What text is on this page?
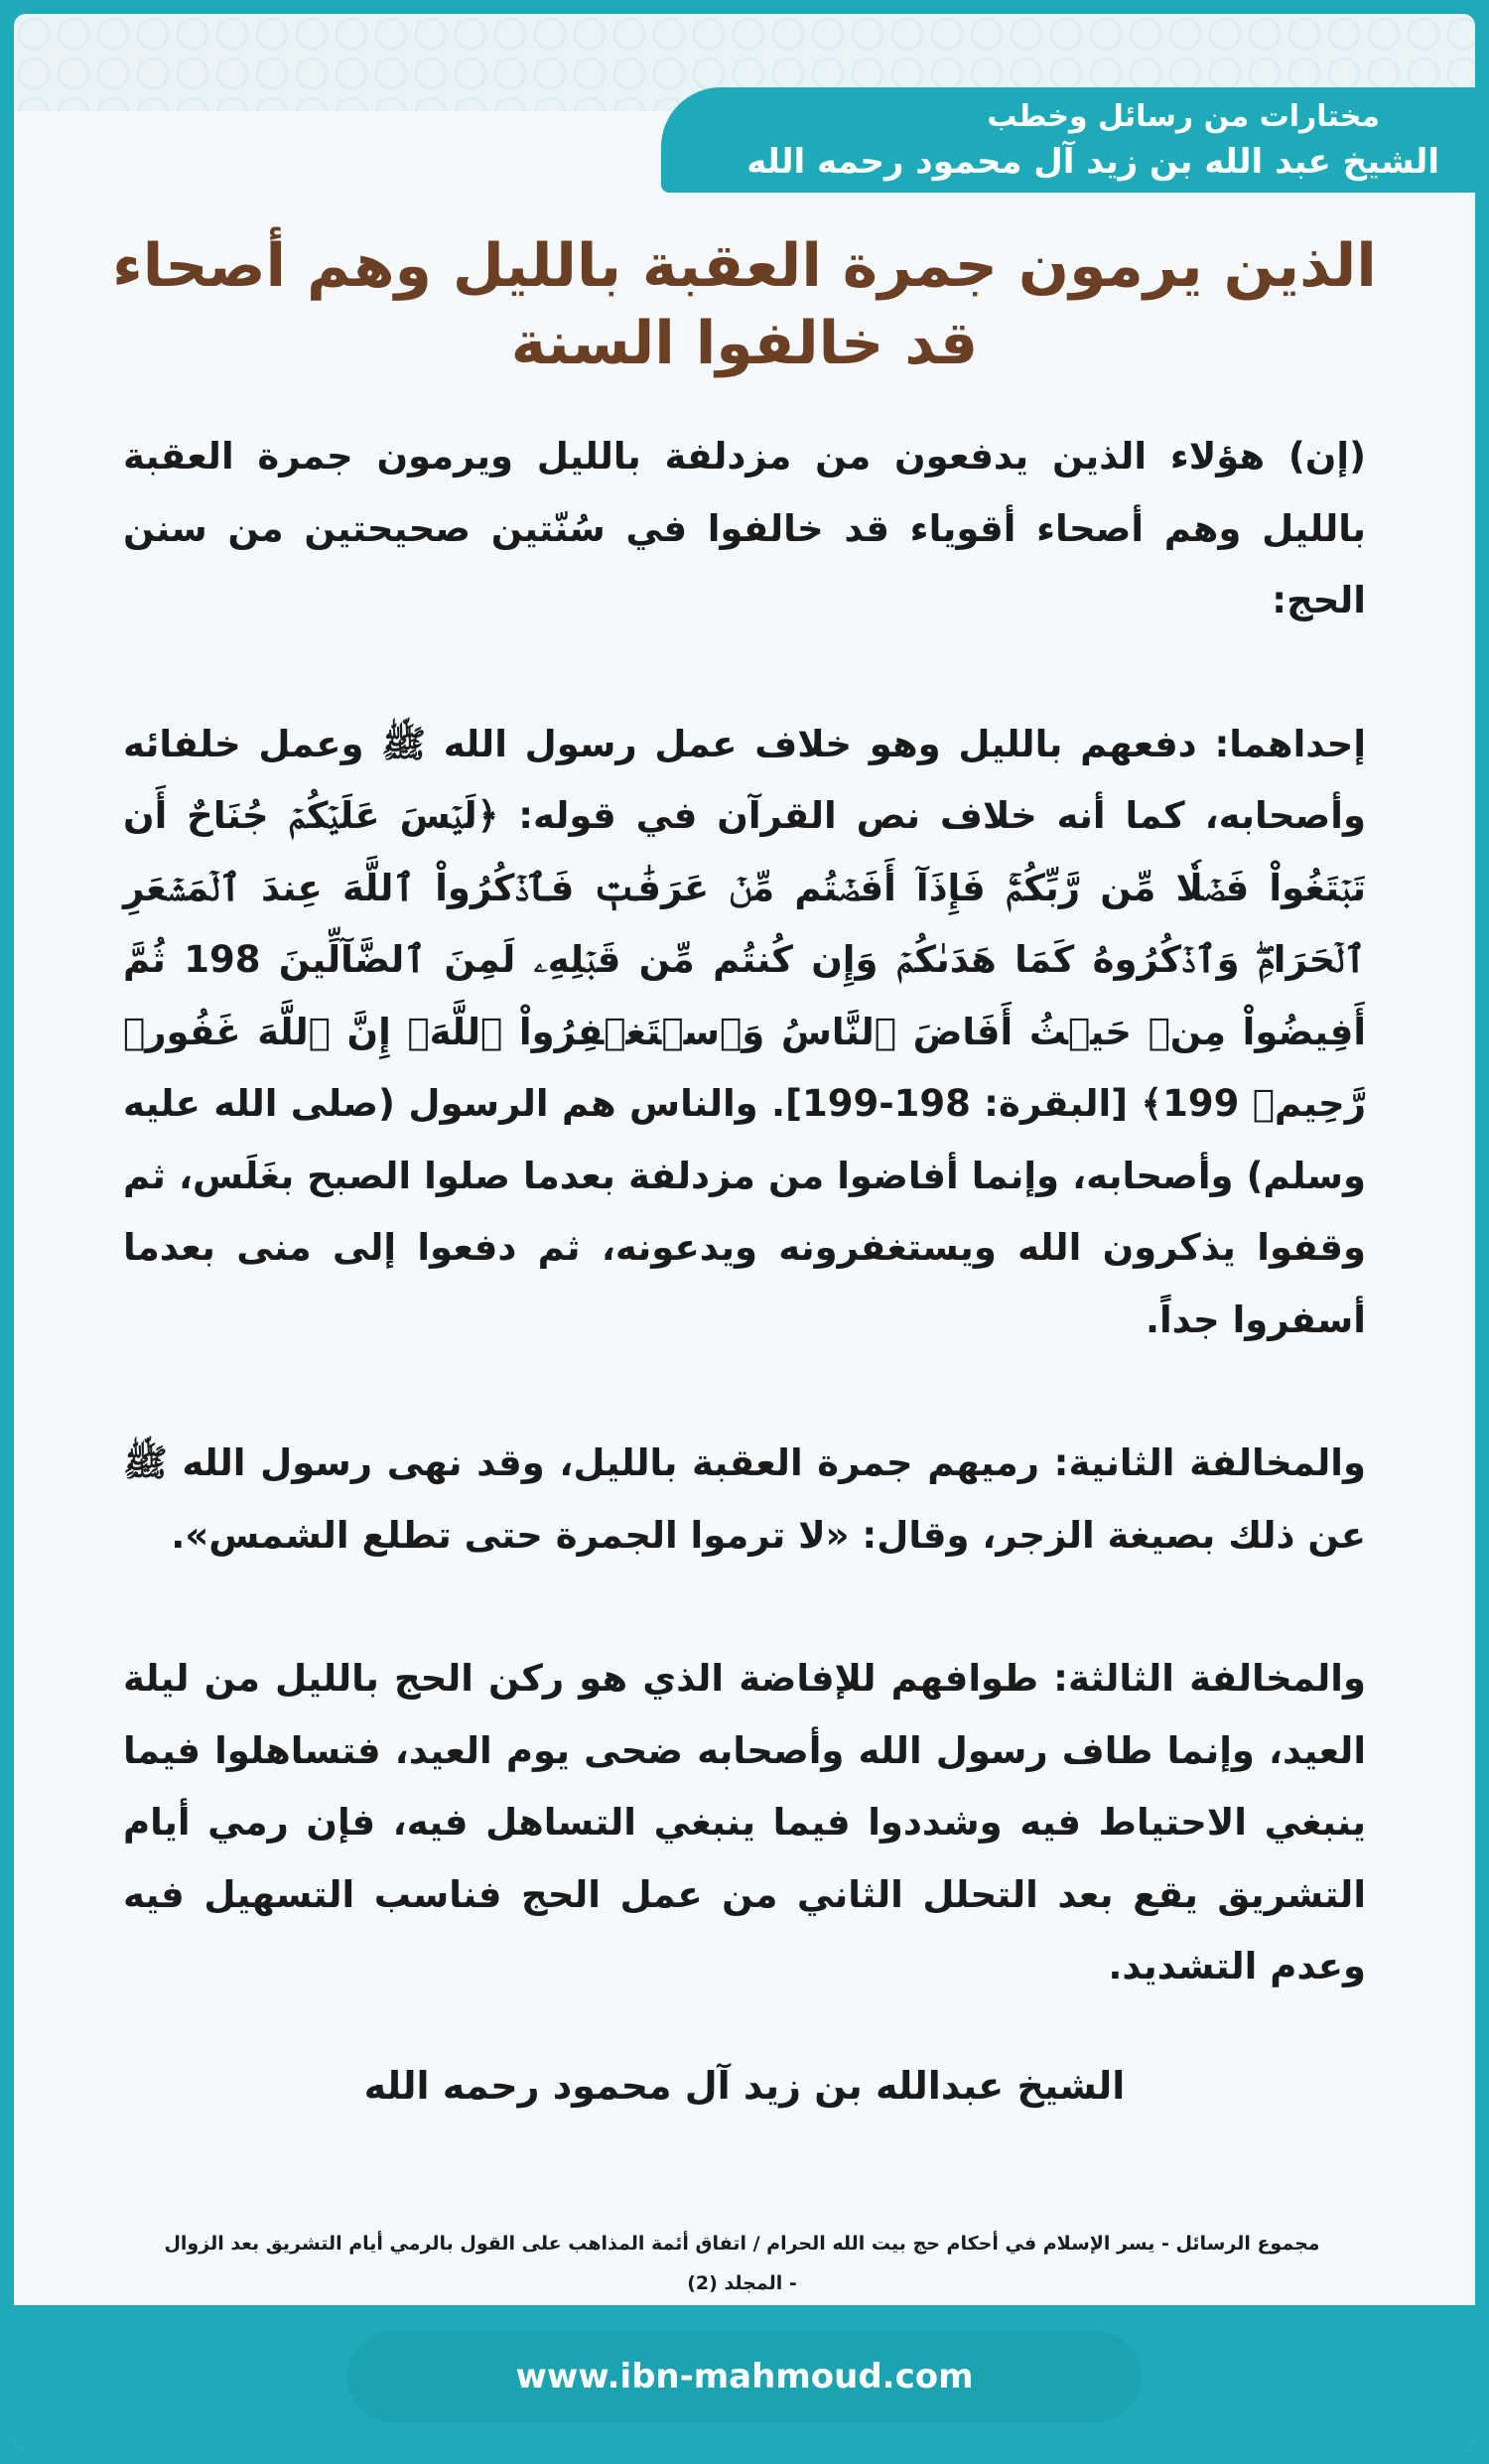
مختارات من رسائل وخطب
الشيخ عبد الله بن زيد آل محمود رحمه الله
الذين يرمون جمرة العقبة بالليل وهم أصحاء
قد خالفوا السنة

(إن) هؤلاء الذين يدفعون من مزدلفة بالليل ويرمون جمرة العقبة بالليل وهم أصحاء أقوياء قد خالفوا في سُنّتين صحيحتين من سنن الحج:

إحداهما: دفعهم بالليل وهو خلاف عمل رسول الله ﷺ وعمل خلفائه وأصحابه، كما أنه خلاف نص القرآن في قوله: ﴿لَيۡسَ عَلَيۡكُمۡ جُنَاحٌ أَن تَبۡتَغُواْ فَضۡلٗا مِّن رَّبِّكُمۡۚ فَإِذَآ أَفَضۡتُم مِّنۡ عَرَفَٰتٖ فَٱذۡكُرُواْ ٱللَّهَ عِندَ ٱلۡمَشۡعَرِ ٱلۡحَرَامِۖ وَٱذۡكُرُوهُ كَمَا هَدَىٰكُمۡ وَإِن كُنتُم مِّن قَبۡلِهِۦ لَمِنَ ٱلضَّآلِّينَ 198 ثُمَّ أَفِيضُواْ مِنۡ حَيۡثُ أَفَاضَ ٱلنَّاسُ وَٱسۡتَغۡفِرُواْ ٱللَّهَۚ إِنَّ ٱللَّهَ غَفُورٞ رَّحِيمٞ 199﴾ [البقرة: 198-199]. والناس هم الرسول (صلى الله عليه وسلم) وأصحابه، وإنما أفاضوا من مزدلفة بعدما صلوا الصبح بغَلَس، ثم وقفوا يذكرون الله ويستغفرونه ويدعونه، ثم دفعوا إلى منى بعدما أسفروا جداً.

والمخالفة الثانية: رميهم جمرة العقبة بالليل، وقد نهى رسول الله ﷺ عن ذلك بصيغة الزجر، وقال: «لا ترموا الجمرة حتى تطلع الشمس».

والمخالفة الثالثة: طوافهم للإفاضة الذي هو ركن الحج بالليل من ليلة العيد، وإنما طاف رسول الله وأصحابه ضحى يوم العيد، فتساهلوا فيما ينبغي الاحتياط فيه وشددوا فيما ينبغي التساهل فيه، فإن رمي أيام التشريق يقع بعد التحلل الثاني من عمل الحج فناسب التسهيل فيه وعدم التشديد.

الشيخ عبدالله بن زيد آل محمود رحمه الله
مجموع الرسائل - يسر الإسلام في أحكام حج بيت الله الحرام / اتفاق أئمة المذاهب على القول بالرمي أيام التشريق بعد الزوال
- المجلد (2)
www.ibn-mahmoud.com
